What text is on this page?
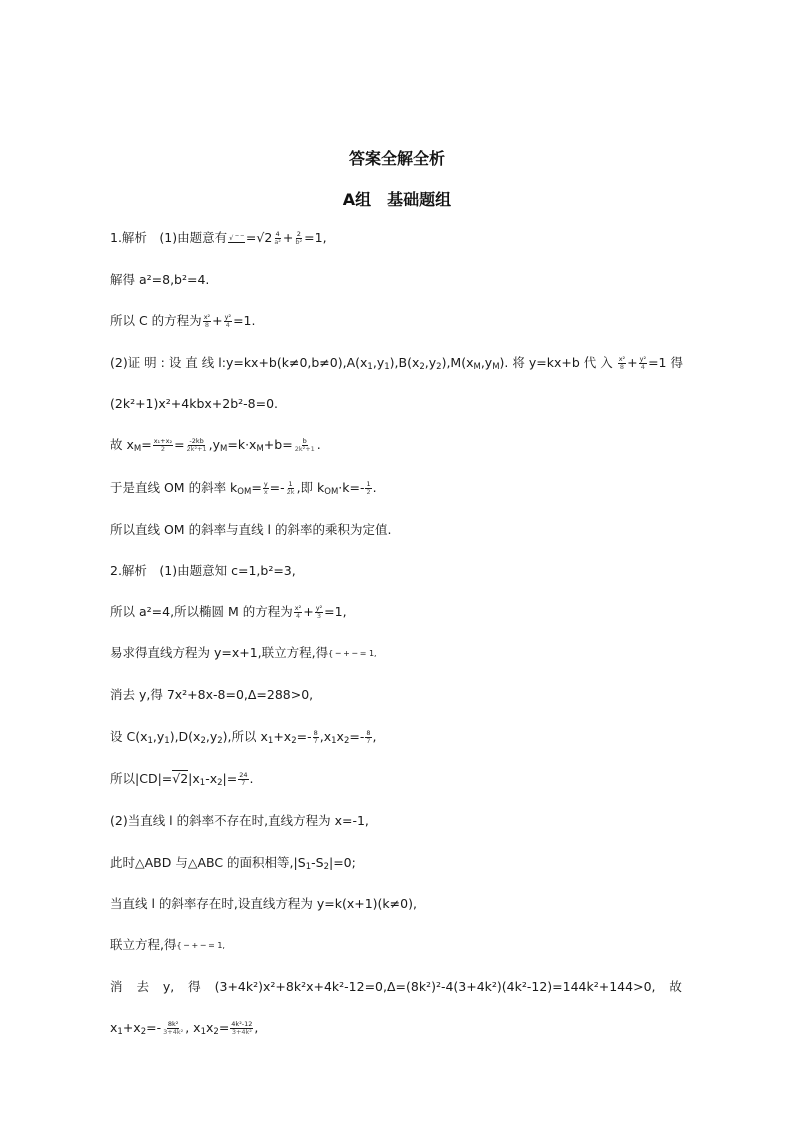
答案全解全析
A组　基础题组
1.解析　(1)由题意有 √ ‾ ‾ $=√2 \frac{4}{\text{a²}} + \frac{2}{\text{b²}} =1$,
解得 a²=8,b²=4.
所以 C 的方程为 $\frac{\text{x²}}{8} + \frac{\text{y²}}{4} =1$.
(2)证 明 : 设 直 线 $l:y=kx+b(k\ne 0,b\ne 0),A(x_1,y_1),B(x_2,y_2),M(x_M,y_M)$. 将 y=kx+b 代 入 $\frac{\text{x²}}{8} + \frac{\text{y²}}{4} =1$ 得
(2k²+1)x²+4kbx+2b²-8=0.
故 $x_M= \frac{\text{x₁+x₂}}{2} = \frac{-2kb}{\text{2k²+1}} ,y_M=k\cdot x_M+b= \frac{b}{\text{2k²+1}}$ .
于是直线 OM 的斜率 $k_{OM}= \frac{y}{x} =- \frac{1}{2k}$ ,即 $k_{OM}\cdot k=- \frac{1}{2}$ .
所以直线 OM 的斜率与直线 l 的斜率的乘积为定值.
2.解析　(1)由题意知 c=1,b²=3,
所以 a²=4,所以椭圆 M 的方程为 $\frac{\text{x²}}{4} + \frac{\text{y²}}{3} =1$,
易求得直线方程为 y=x+1,联立方程,得{ ─ + ─ = 1,
消去 y,得 7x²+8x-8=0,Δ=288>0,
设 $C(x_1,y_1),D(x_2,y_2)$,所以 $x_1+x_2=- \frac{8}{7} ,x_1x_2=- \frac{8}{7}$ ,
所以$|CD|=√2|x_1-x_2|= \frac{24}{7}$ .
(2)当直线 l 的斜率不存在时,直线方程为 x=-1,
此时△ABD 与△ABC 的面积相等$,|S_1-S_2|=0$;
当直线 l 的斜率存在时,设直线方程为 y=k(x+1)(k≠0),
联立方程,得{ ─ + ─ = 1,
消 去 y, 得 (3+4k²)x²+8k²x+4k²-12=0,Δ=(8k²)²-4(3+4k²)(4k²-12)=144k²+144>0, 故
$x_1+x_2=- \frac{\text{8k²}}{\text{3+4k²}}$ , $x_1x_2= \frac{\text{4k²-12}}{\text{3+4k²}}$ ,
